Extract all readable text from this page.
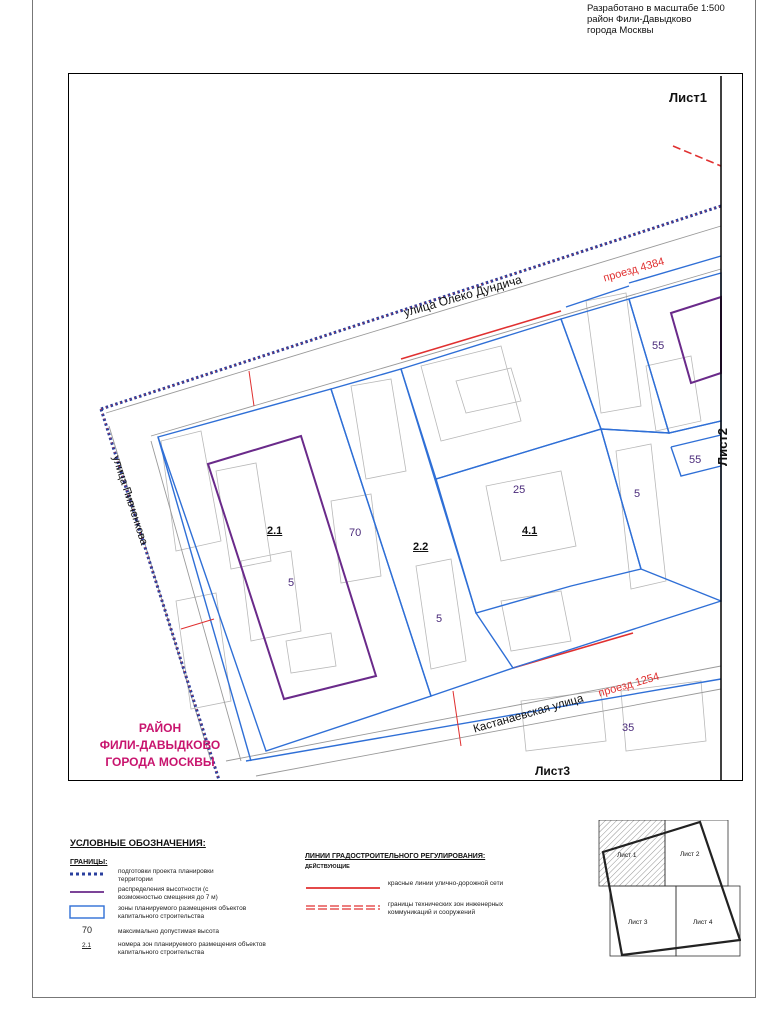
Разработано в масштабе 1:500
район Фили-Давыдково
города Москвы
улица Олеко Дундича
проезд 4384
улица Пивченкова
Кастанаевская улица
проезд 1254
2.1
2.2
4.1
70
5
5
5
25
55
55
35
РАЙОН
ФИЛИ-ДАВЫДКОВО
ГОРОДА МОСКВЫ
Лист1
Лист2
Лист3
УСЛОВНЫЕ ОБОЗНАЧЕНИЯ:
ГРАНИЦЫ:
подготовки проекта планировки территории
распределения высотности (с возможностью смещения до 7 м)
зоны планируемого размещения объектов капитального строительства
70	максимально допустимая высота
2.1	номера зон планируемого размещения объектов капитального строительства
ЛИНИИ ГРАДОСТРОИТЕЛЬНОГО РЕГУЛИРОВАНИЯ:
ДЕЙСТВУЮЩИЕ
красные линии улично-дорожной сети
границы технических зон инженерных коммуникаций и сооружений
Лист 1	Лист 2
Лист 3	Лист 4
